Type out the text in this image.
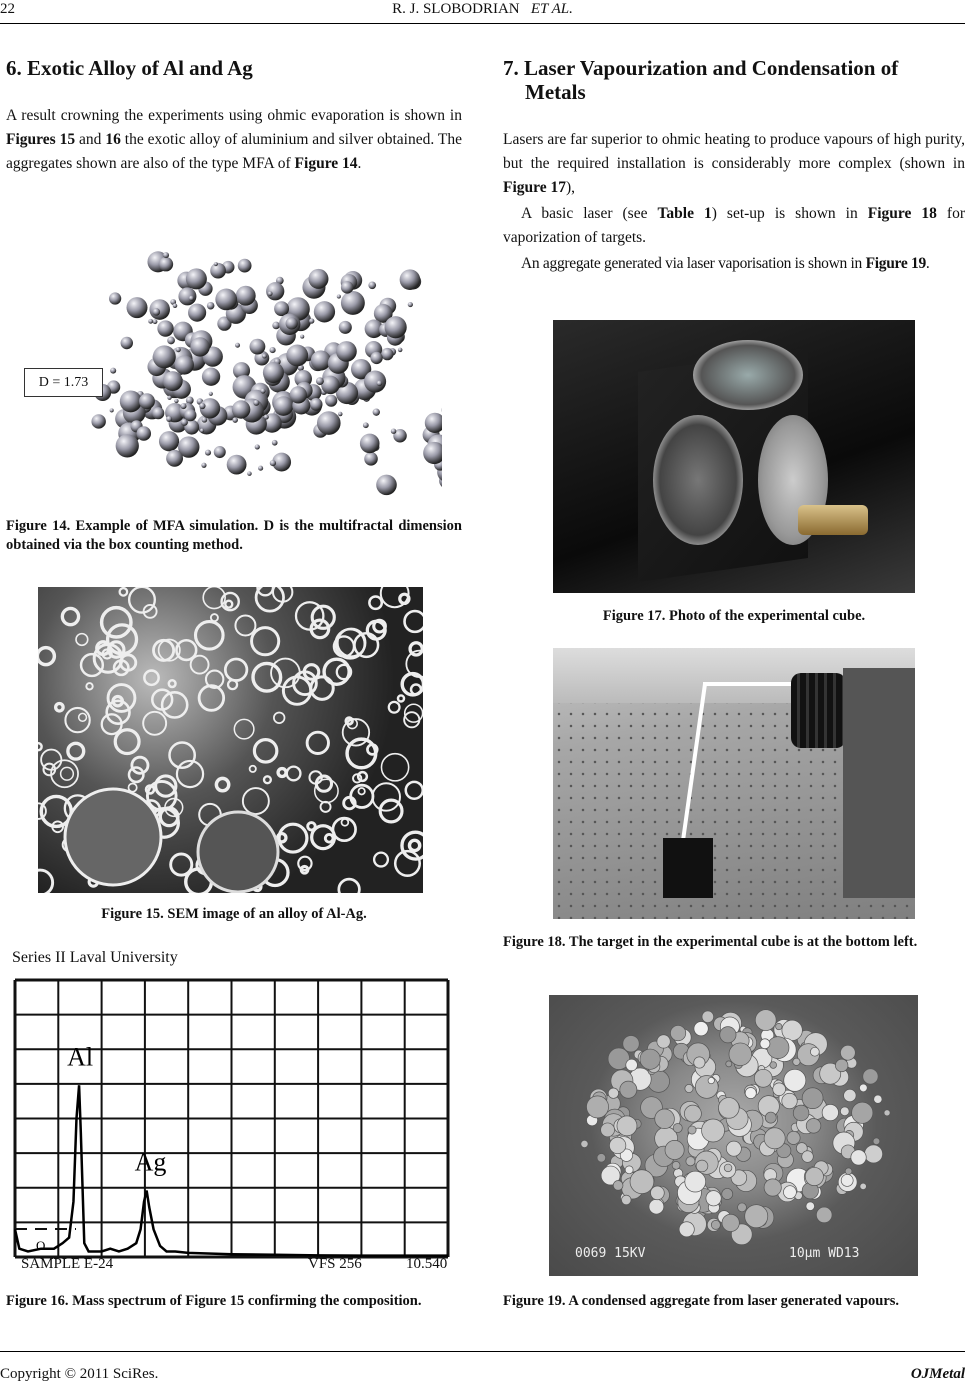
22	R. J. SLOBODRIAN ET AL.
6. Exotic Alloy of Al and Ag

A result crowning the experiments using ohmic evaporation is shown in Figures 15 and 16 the exotic alloy of aluminium and silver obtained. The aggregates shown are also of the type MFA of Figure 14.

D = 1.73

Figure 14. Example of MFA simulation. D is the multifractal dimension obtained via the box counting method.

Figure 15. SEM image of an alloy of Al-Ag.

Series II Laval University
Al
Ag
O
SAMPLE E-24	VFS 256	10.540

Figure 16. Mass spectrum of Figure 15 confirming the composition.

7. Laser Vapourization and Condensation of
Metals

Lasers are far superior to ohmic heating to produce vapours of high purity, but the required installation is considerably more complex (shown in Figure 17),

A basic laser (see Table 1) set-up is shown in Figure 18 for vaporization of targets.

An aggregate generated via laser vaporisation is shown in Figure 19.

Figure 17. Photo of the experimental cube.

Figure 18. The target in the experimental cube is at the bottom left.

0069 15KV	10µm WD13

Figure 19. A condensed aggregate from laser generated vapours.

Copyright © 2011 SciRes.	OJMetal
